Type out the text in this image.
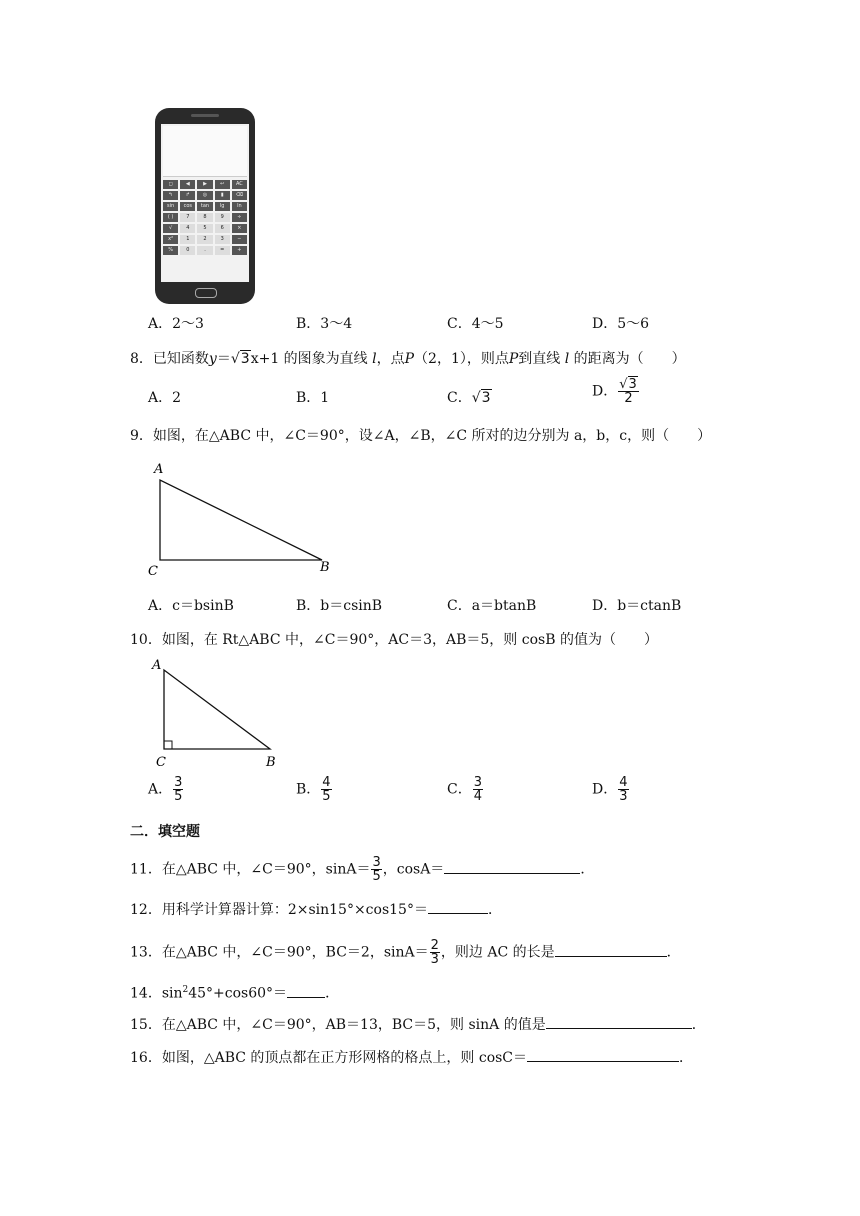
◻	◀	▶	↩	AC
↰	↱	◎	▮	⌫
sin	cos	tan	lg	ln
( )	7	8	9	÷
√	4	5	6	×
x²	1	2	3	−
%	0	.	=	+
A．2～3	B．3～4	C．4～5	D．5～6
8．已知函数y＝√3x+1 的图象为直线 l，点P（2，1），则点P到直线 l 的距离为（　　）
A．2	B．1	C．√3	D． $\frac{√3}{2}$
9．如图，在△ABC 中，∠C＝90°，设∠A，∠B，∠C 所对的边分别为 a，b，c，则（　　）
A
C	B
A．c＝bsinB	B．b＝csinB	C．a＝btanB	D．b＝ctanB
10．如图，在 Rt△ABC 中，∠C＝90°，AC＝3，AB＝5，则 cosB 的值为（　　）
A
C	B
A． $\frac{3}{5}$	B． $\frac{4}{5}$	C． $\frac{3}{4}$	D． $\frac{4}{3}$
二．填空题
11．在△ABC 中，∠C＝90°，$\sin A= \frac{3}{5}$ ，cosA＝	．
12．用科学计算器计算：2×sin15°×cos15°＝	．
13．在△ABC 中，∠C＝90°，BC＝2，$\sin A= \frac{2}{3}$ ，则边 AC 的长是	．
14．$\sin^245^\circ+\cos 60^\circ=$	．
15．在△ABC 中，∠C＝90°，AB＝13，BC＝5，则 sinA 的值是	．
16．如图，△ABC 的顶点都在正方形网格的格点上，则 cosC＝	．
